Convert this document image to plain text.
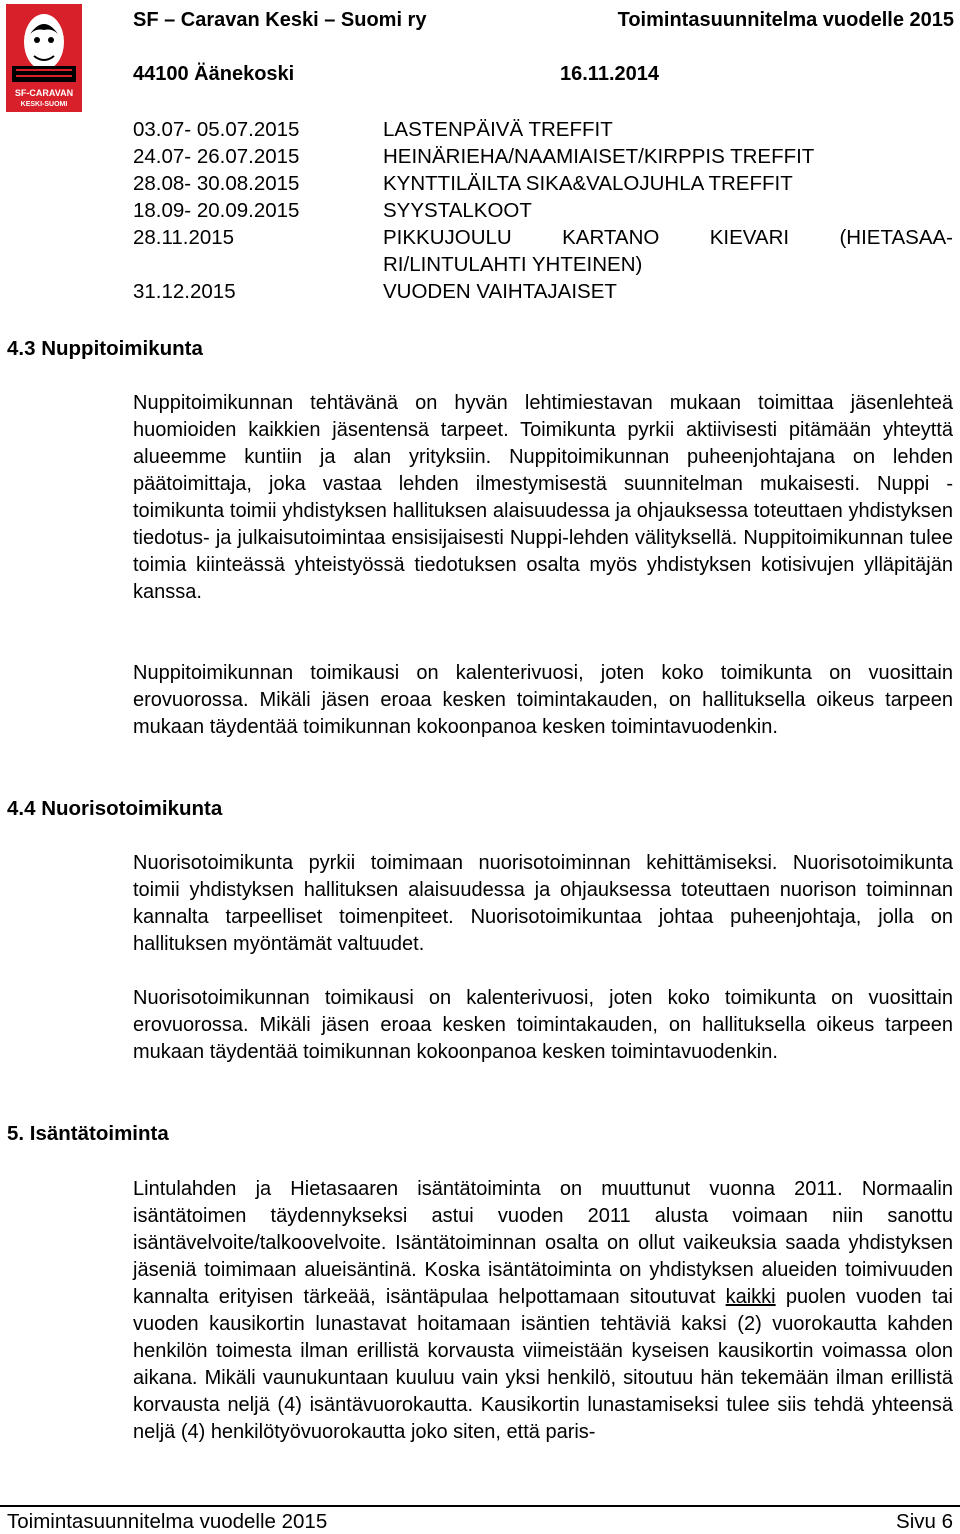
SF-CARAVAN
KESKI-SUOMI
SF – Caravan Keski – Suomi ry	Toimintasuunnitelma vuodelle 2015
44100 Äänekoski	16.11.2014
03.07- 05.07.2015	LASTENPÄIVÄ TREFFIT
24.07- 26.07.2015	HEINÄRIEHA/NAAMIAISET/KIRPPIS TREFFIT
28.08- 30.08.2015	KYNTTILÄILTA SIKA&VALOJUHLA TREFFIT
18.09- 20.09.2015	SYYSTALKOOT
28.11.2015	PIKKUJOULU KARTANO KIEVARI (HIETASAA-RI/LINTULAHTI YHTEINEN)
31.12.2015	VUODEN VAIHTAJAISET
4.3 Nuppitoimikunta

Nuppitoimikunnan tehtävänä on hyvän lehtimiestavan mukaan toimittaa jäsenlehteä huomioiden kaikkien jäsentensä tarpeet. Toimikunta pyrkii aktiivisesti pitämään yhteyttä alueemme kuntiin ja alan yrityksiin. Nuppitoimikunnan puheenjohtajana on lehden päätoimittaja, joka vastaa lehden ilmestymisestä suunnitelman mukaisesti. Nuppi - toimikunta toimii yhdistyksen hallituksen alaisuudessa ja ohjauksessa toteuttaen yhdistyksen tiedotus- ja julkaisutoimintaa ensisijaisesti Nuppi-lehden välityksellä. Nuppitoimikunnan tulee toimia kiinteässä yhteistyössä tiedotuksen osalta myös yhdistyksen kotisivujen ylläpitäjän kanssa.

Nuppitoimikunnan toimikausi on kalenterivuosi, joten koko toimikunta on vuosittain erovuorossa. Mikäli jäsen eroaa kesken toimintakauden, on hallituksella oikeus tarpeen mukaan täydentää toimikunnan kokoonpanoa kesken toimintavuodenkin.

4.4 Nuorisotoimikunta

Nuorisotoimikunta pyrkii toimimaan nuorisotoiminnan kehittämiseksi. Nuorisotoimikunta toimii yhdistyksen hallituksen alaisuudessa ja ohjauksessa toteuttaen nuorison toiminnan kannalta tarpeelliset toimenpiteet. Nuorisotoimikuntaa johtaa puheenjohtaja, jolla on hallituksen myöntämät valtuudet.

Nuorisotoimikunnan toimikausi on kalenterivuosi, joten koko toimikunta on vuosittain erovuorossa. Mikäli jäsen eroaa kesken toimintakauden, on hallituksella oikeus tarpeen mukaan täydentää toimikunnan kokoonpanoa kesken toimintavuodenkin.

5. Isäntätoiminta

Lintulahden ja Hietasaaren isäntätoiminta on muuttunut vuonna 2011. Normaalin isäntätoimen täydennykseksi astui vuoden 2011 alusta voimaan niin sanottu isäntävelvoite/talkoovelvoite. Isäntätoiminnan osalta on ollut vaikeuksia saada yhdistyksen jäseniä toimimaan alueisäntinä. Koska isäntätoiminta on yhdistyksen alueiden toimivuuden kannalta erityisen tärkeää, isäntäpulaa helpottamaan sitoutuvat kaikki puolen vuoden tai vuoden kausikortin lunastavat hoitamaan isäntien tehtäviä kaksi (2) vuorokautta kahden henkilön toimesta ilman erillistä korvausta viimeistään kyseisen kausikortin voimassa olon aikana. Mikäli vaunukuntaan kuuluu vain yksi henkilö, sitoutuu hän tekemään ilman erillistä korvausta neljä (4) isäntävuorokautta. Kausikortin lunastamiseksi tulee siis tehdä yhteensä neljä (4) henkilötyövuorokautta joko siten, että paris-

Toimintasuunnitelma vuodelle 2015	Sivu 6
